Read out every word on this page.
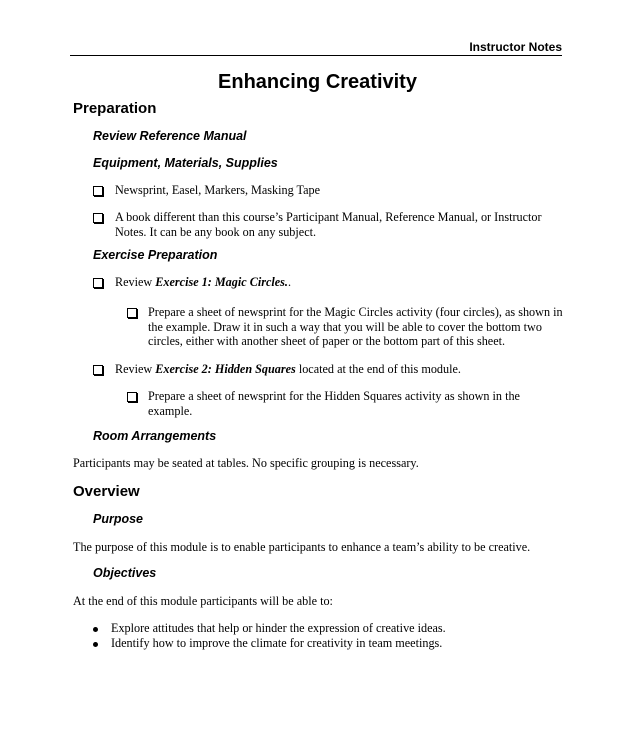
Instructor Notes
Enhancing Creativity
Preparation
Review Reference Manual
Equipment, Materials, Supplies
Newsprint, Easel, Markers, Masking Tape
A book different than this course’s Participant Manual, Reference Manual, or Instructor Notes. It can be any book on any subject.
Exercise Preparation
Review Exercise 1: Magic Circles..
Prepare a sheet of newsprint for the Magic Circles activity (four circles), as shown in the example. Draw it in such a way that you will be able to cover the bottom two circles, either with another sheet of paper or the bottom part of this sheet.
Review Exercise 2: Hidden Squares located at the end of this module.
Prepare a sheet of newsprint for the Hidden Squares activity as shown in the example.
Room Arrangements
Participants may be seated at tables. No specific grouping is necessary.
Overview
Purpose
The purpose of this module is to enable participants to enhance a team’s ability to be creative.
Objectives
At the end of this module participants will be able to:
Explore attitudes that help or hinder the expression of creative ideas.
Identify how to improve the climate for creativity in team meetings.
